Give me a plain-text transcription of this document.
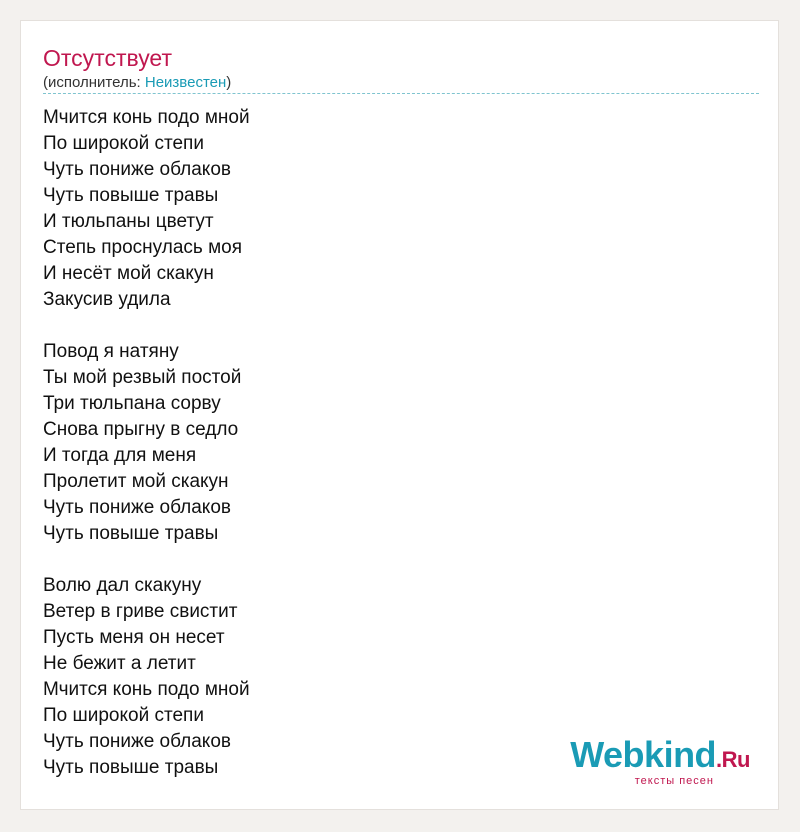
Отсутствует
(исполнитель: Неизвестен)
Мчится конь подо мной
По широкой степи
Чуть пониже облаков
Чуть повыше травы
И тюльпаны цветут
Степь проснулась моя
И несёт мой скакун
Закусив удила
Повод я натяну
Ты мой резвый постой
Три тюльпана сорву
Снова прыгну в седло
И тогда для меня
Пролетит мой скакун
Чуть пониже облаков
Чуть повыше травы
Волю дал скакуну
Ветер в гриве свистит
Пусть меня он несет
Не бежит а летит
Мчится конь подо мной
По широкой степи
Чуть пониже облаков
Чуть повыше травы	Webkind.Ru
тексты песен
